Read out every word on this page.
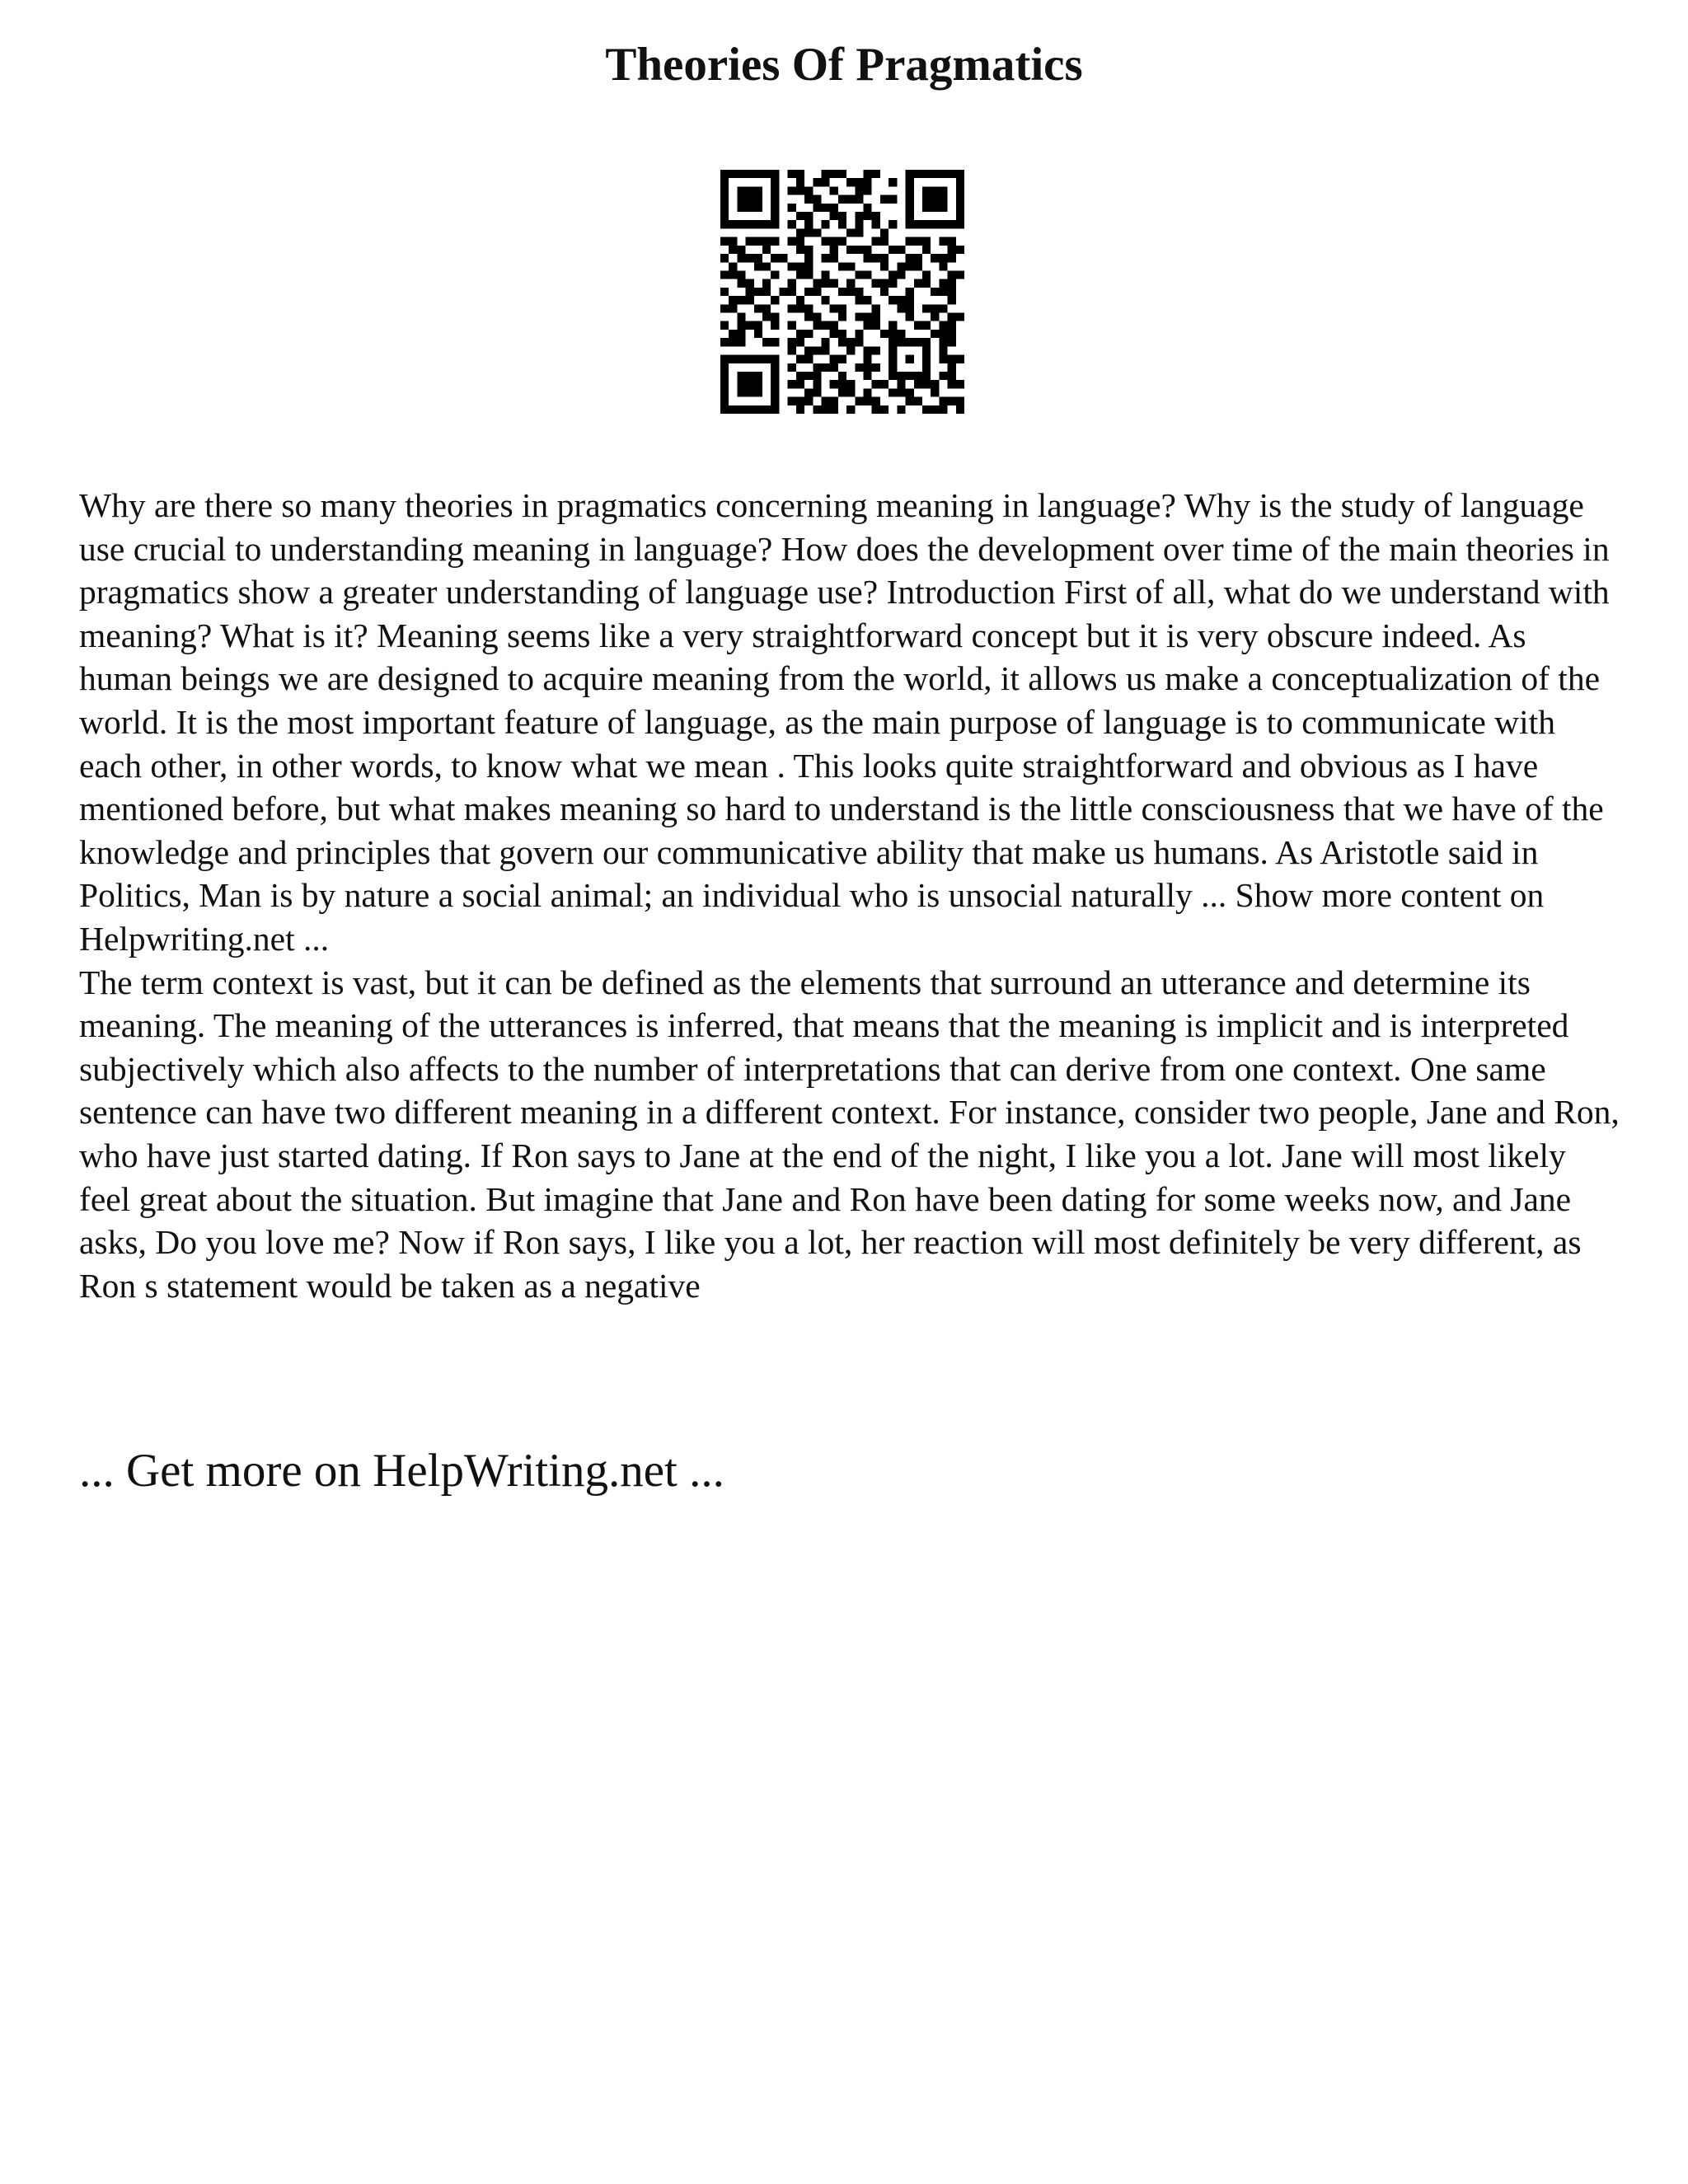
Theories Of Pragmatics

Why are there so many theories in pragmatics concerning meaning in language? Why is the study of language use crucial to understanding meaning in language? How does the development over time of the main theories in pragmatics show a greater understanding of language use? Introduction First of all, what do we understand with meaning? What is it? Meaning seems like a very straightforward concept but it is very obscure indeed. As human beings we are designed to acquire meaning from the world, it allows us make a conceptualization of the world. It is the most important feature of language, as the main purpose of language is to communicate with each other, in other words, to know what we mean . This looks quite straightforward and obvious as I have mentioned before, but what makes meaning so hard to understand is the little consciousness that we have of the knowledge and principles that govern our communicative ability that make us humans. As Aristotle said in Politics, Man is by nature a social animal; an individual who is unsocial naturally ... Show more content on Helpwriting.net ...

The term context is vast, but it can be defined as the elements that surround an utterance and determine its meaning. The meaning of the utterances is inferred, that means that the meaning is implicit and is interpreted subjectively which also affects to the number of interpretations that can derive from one context. One same sentence can have two different meaning in a different context. For instance, consider two people, Jane and Ron, who have just started dating. If Ron says to Jane at the end of the night, I like you a lot. Jane will most likely feel great about the situation. But imagine that Jane and Ron have been dating for some weeks now, and Jane asks, Do you love me? Now if Ron says, I like you a lot, her reaction will most definitely be very different, as Ron s statement would be taken as a negative

... Get more on HelpWriting.net ...
